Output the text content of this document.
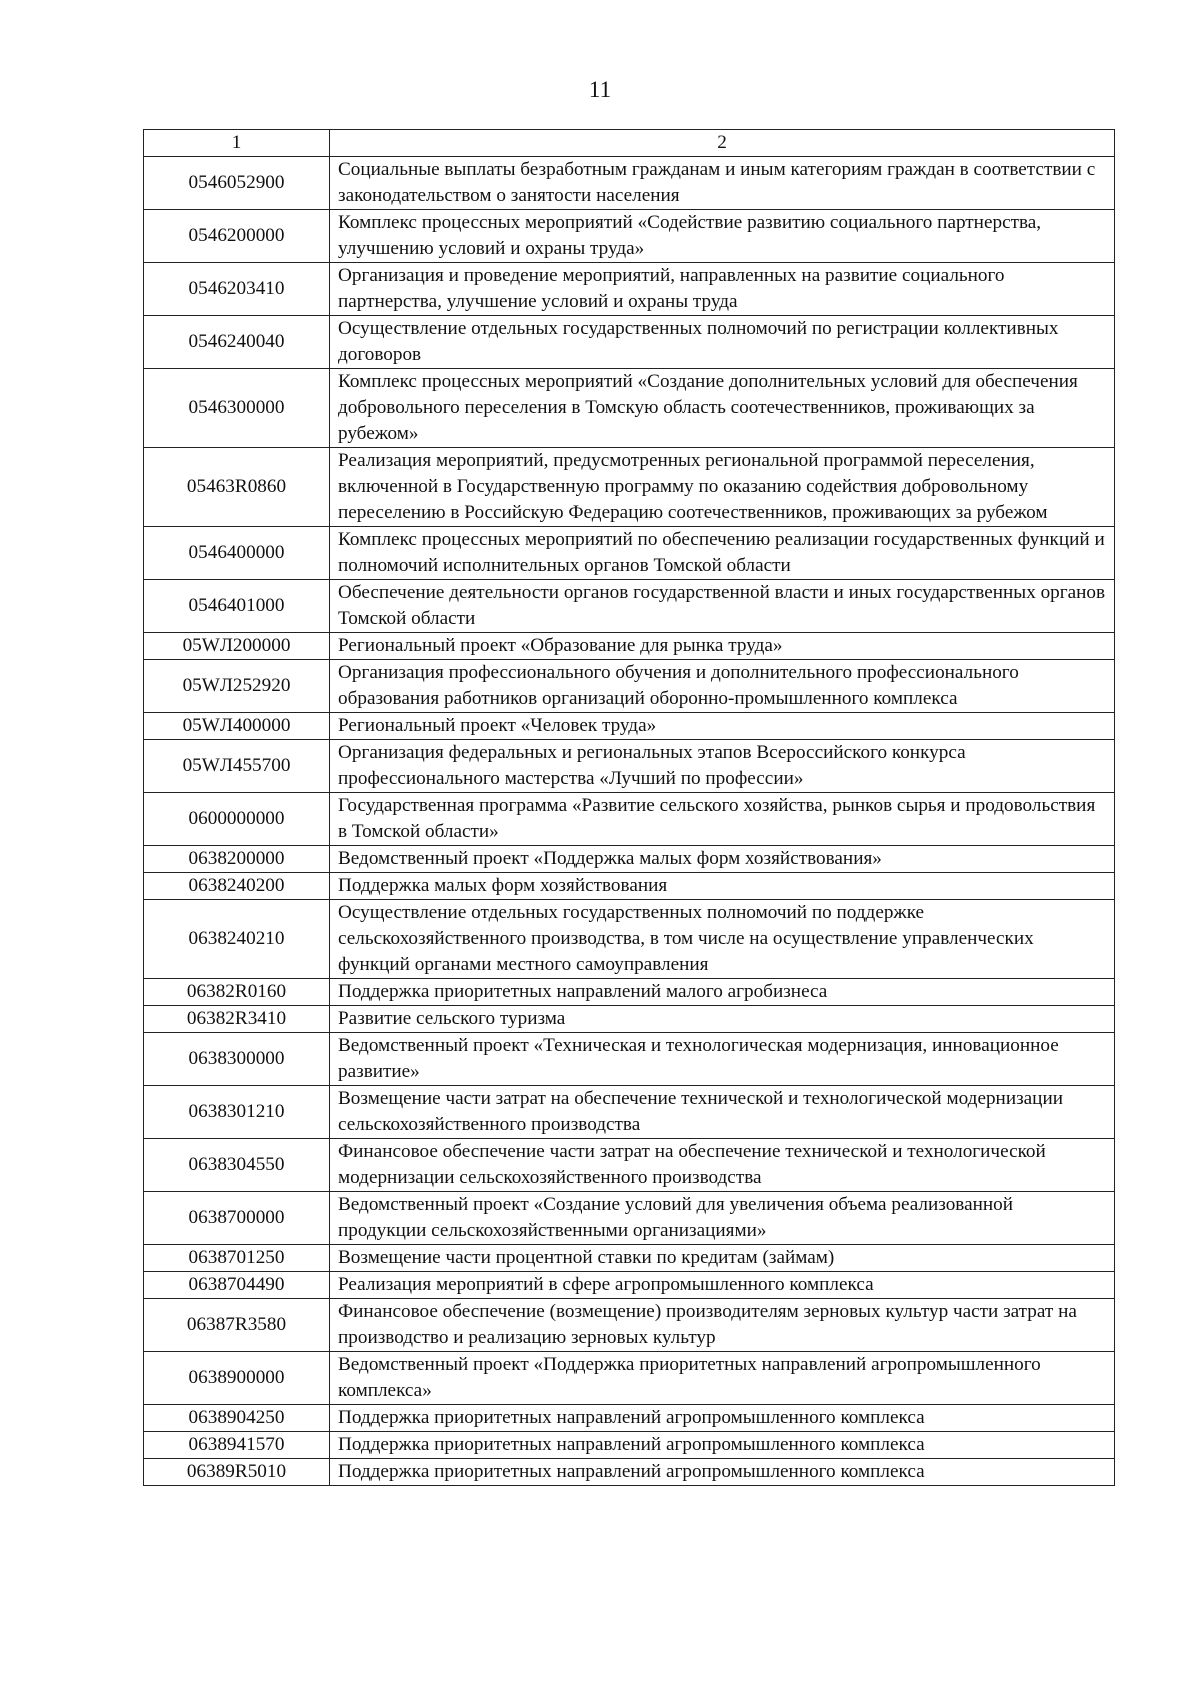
11
1	2
0546052900	Социальные выплаты безработным гражданам и иным категориям граждан в соответствии с законодательством о занятости населения
0546200000	Комплекс процессных мероприятий «Содействие развитию социального партнерства, улучшению условий и охраны труда»
0546203410	Организация и проведение мероприятий, направленных на развитие социального партнерства, улучшение условий и охраны труда
0546240040	Осуществление отдельных государственных полномочий по регистрации коллективных договоров
0546300000	Комплекс процессных мероприятий «Создание дополнительных условий для обеспечения добровольного переселения в Томскую область соотечественников, проживающих за рубежом»
05463R0860	Реализация мероприятий, предусмотренных региональной программой переселения, включенной в Государственную программу по оказанию содействия добровольному переселению в Российскую Федерацию соотечественников, проживающих за рубежом
0546400000	Комплекс процессных мероприятий по обеспечению реализации государственных функций и полномочий исполнительных органов Томской области
0546401000	Обеспечение деятельности органов государственной власти и иных государственных органов Томской области
05WЛ200000	Региональный проект «Образование для рынка труда»
05WЛ252920	Организация профессионального обучения и дополнительного профессионального образования работников организаций оборонно-промышленного комплекса
05WЛ400000	Региональный проект «Человек труда»
05WЛ455700	Организация федеральных и региональных этапов Всероссийского конкурса профессионального мастерства «Лучший по профессии»
0600000000	Государственная программа «Развитие сельского хозяйства, рынков сырья и продовольствия в Томской области»
0638200000	Ведомственный проект «Поддержка малых форм хозяйствования»
0638240200	Поддержка малых форм хозяйствования
0638240210	Осуществление отдельных государственных полномочий по поддержке сельскохозяйственного производства, в том числе на осуществление управленческих функций органами местного самоуправления
06382R0160	Поддержка приоритетных направлений малого агробизнеса
06382R3410	Развитие сельского туризма
0638300000	Ведомственный проект «Техническая и технологическая модернизация, инновационное развитие»
0638301210	Возмещение части затрат на обеспечение технической и технологической модернизации сельскохозяйственного производства
0638304550	Финансовое обеспечение части затрат на обеспечение технической и технологической модернизации сельскохозяйственного производства
0638700000	Ведомственный проект «Создание условий для увеличения объема реализованной продукции сельскохозяйственными организациями»
0638701250	Возмещение части процентной ставки по кредитам (займам)
0638704490	Реализация мероприятий в сфере агропромышленного комплекса
06387R3580	Финансовое обеспечение (возмещение) производителям зерновых культур части затрат на производство и реализацию зерновых культур
0638900000	Ведомственный проект «Поддержка приоритетных направлений агропромышленного комплекса»
0638904250	Поддержка приоритетных направлений агропромышленного комплекса
0638941570	Поддержка приоритетных направлений агропромышленного комплекса
06389R5010	Поддержка приоритетных направлений агропромышленного комплекса
